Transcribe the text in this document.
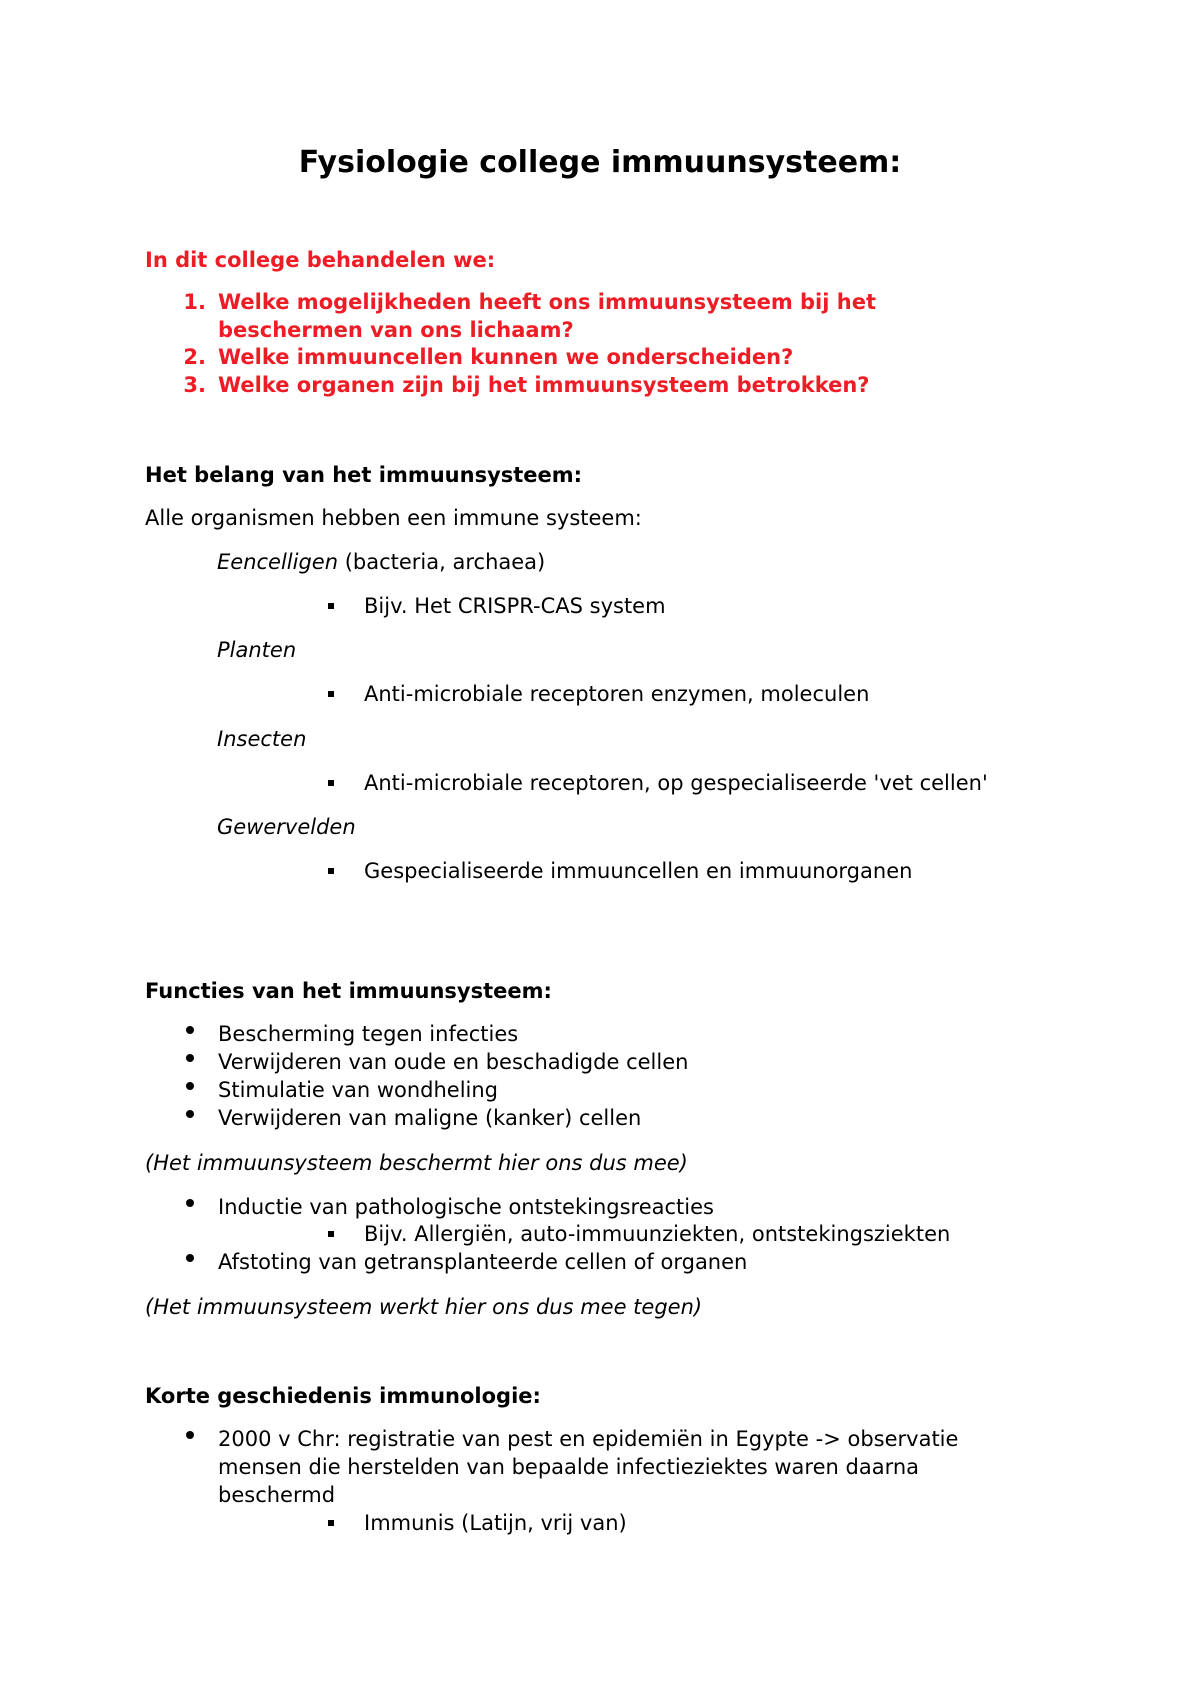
Fysiologie college immuunsysteem:
In dit college behandelen we:
1. Welke mogelijkheden heeft ons immuunsysteem bij het
beschermen van ons lichaam?
2. Welke immuuncellen kunnen we onderscheiden?
3. Welke organen zijn bij het immuunsysteem betrokken?
Het belang van het immuunsysteem:
Alle organismen hebben een immune systeem:
Eencelligen (bacteria, archaea)
Bijv. Het CRISPR-CAS system
Planten
Anti-microbiale receptoren enzymen, moleculen
Insecten
Anti-microbiale receptoren, op gespecialiseerde 'vet cellen'
Gewervelden
Gespecialiseerde immuuncellen en immuunorganen
Functies van het immuunsysteem:
Bescherming tegen infecties
Verwijderen van oude en beschadigde cellen
Stimulatie van wondheling
Verwijderen van maligne (kanker) cellen
(Het immuunsysteem beschermt hier ons dus mee)
Inductie van pathologische ontstekingsreacties
Bijv. Allergiën, auto-immuunziekten, ontstekingsziekten
Afstoting van getransplanteerde cellen of organen
(Het immuunsysteem werkt hier ons dus mee tegen)
Korte geschiedenis immunologie:
2000 v Chr: registratie van pest en epidemiën in Egypte -> observatie
mensen die herstelden van bepaalde infectieziektes waren daarna
beschermd
Immunis (Latijn, vrij van)
